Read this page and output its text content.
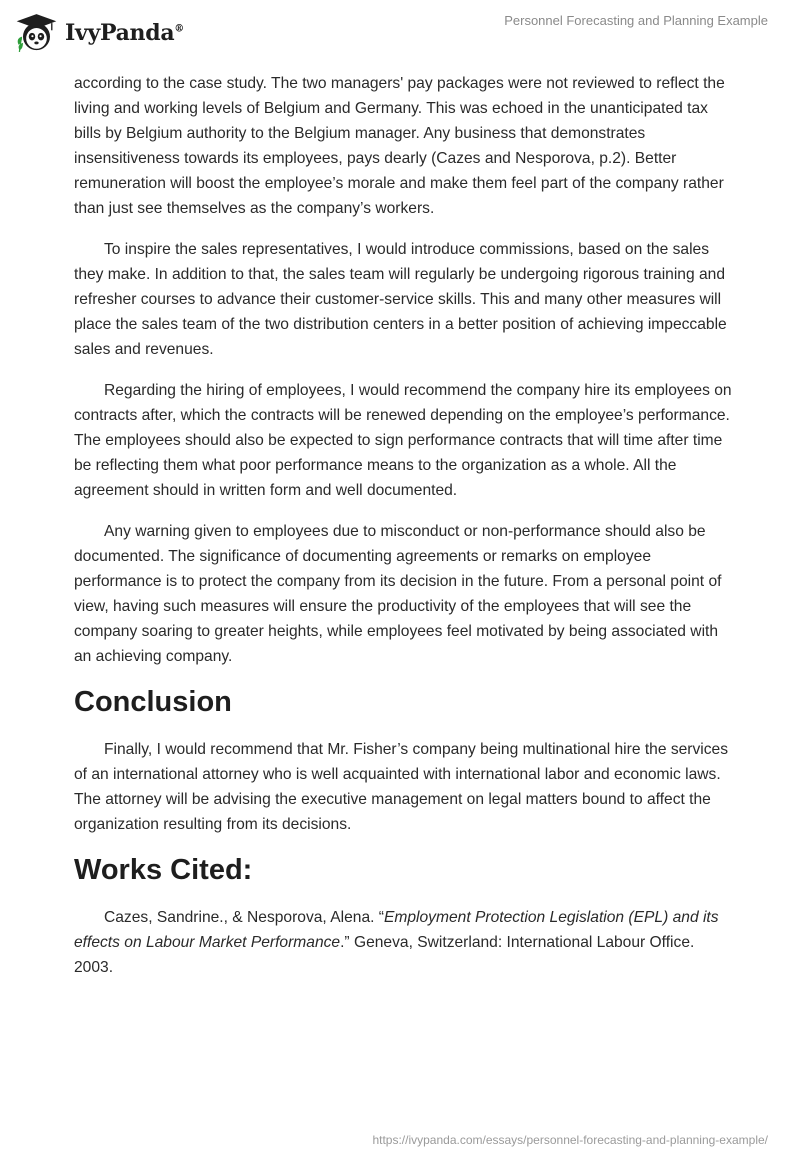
IvyPanda®
Personnel Forecasting and Planning Example

according to the case study. The two managers' pay packages were not reviewed to reflect the living and working levels of Belgium and Germany. This was echoed in the unanticipated tax bills by Belgium authority to the Belgium manager. Any business that demonstrates insensitiveness towards its employees, pays dearly (Cazes and Nesporova, p.2). Better remuneration will boost the employee’s morale and make them feel part of the company rather than just see themselves as the company’s workers.

To inspire the sales representatives, I would introduce commissions, based on the sales they make. In addition to that, the sales team will regularly be undergoing rigorous training and refresher courses to advance their customer-service skills. This and many other measures will place the sales team of the two distribution centers in a better position of achieving impeccable sales and revenues.

Regarding the hiring of employees, I would recommend the company hire its employees on contracts after, which the contracts will be renewed depending on the employee’s performance. The employees should also be expected to sign performance contracts that will time after time be reflecting them what poor performance means to the organization as a whole. All the agreement should in written form and well documented.

Any warning given to employees due to misconduct or non-performance should also be documented. The significance of documenting agreements or remarks on employee performance is to protect the company from its decision in the future. From a personal point of view, having such measures will ensure the productivity of the employees that will see the company soaring to greater heights, while employees feel motivated by being associated with an achieving company.

Conclusion

Finally, I would recommend that Mr. Fisher’s company being multinational hire the services of an international attorney who is well acquainted with international labor and economic laws. The attorney will be advising the executive management on legal matters bound to affect the organization resulting from its decisions.

Works Cited:

Cazes, Sandrine., & Nesporova, Alena. “Employment Protection Legislation (EPL) and its effects on Labour Market Performance.” Geneva, Switzerland: International Labour Office. 2003.

https://ivypanda.com/essays/personnel-forecasting-and-planning-example/
